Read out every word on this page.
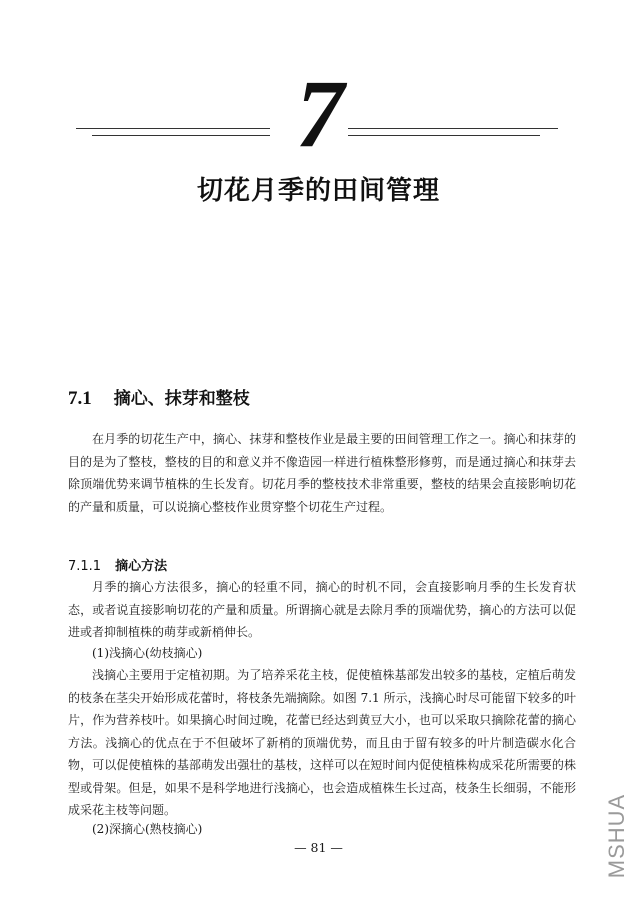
7
切花月季的田间管理
7.1 摘心、抹芽和整枝

在月季的切花生产中，摘心、抹芽和整枝作业是最主要的田间管理工作之一。摘心和抹芽的目的是为了整枝，整枝的目的和意义并不像造园一样进行植株整形修剪，而是通过摘心和抹芽去除顶端优势来调节植株的生长发育。切花月季的整枝技术非常重要，整枝的结果会直接影响切花的产量和质量，可以说摘心整枝作业贯穿整个切花生产过程。

7.1.1 摘心方法

月季的摘心方法很多，摘心的轻重不同，摘心的时机不同，会直接影响月季的生长发育状态，或者说直接影响切花的产量和质量。所谓摘心就是去除月季的顶端优势，摘心的方法可以促进或者抑制植株的萌芽或新梢伸长。

(1)浅摘心(幼枝摘心)

浅摘心主要用于定植初期。为了培养采花主枝，促使植株基部发出较多的基枝，定植后萌发的枝条在茎尖开始形成花蕾时，将枝条先端摘除。如图 7.1 所示，浅摘心时尽可能留下较多的叶片，作为营养枝叶。如果摘心时间过晚，花蕾已经达到黄豆大小，也可以采取只摘除花蕾的摘心方法。浅摘心的优点在于不但破坏了新梢的顶端优势，而且由于留有较多的叶片制造碳水化合物，可以促使植株的基部萌发出强壮的基枝，这样可以在短时间内促使植株构成采花所需要的株型或骨架。但是，如果不是科学地进行浅摘心，也会造成植株生长过高，枝条生长细弱，不能形成采花主枝等问题。

(2)深摘心(熟枝摘心)

— 81 —	MSHUA
